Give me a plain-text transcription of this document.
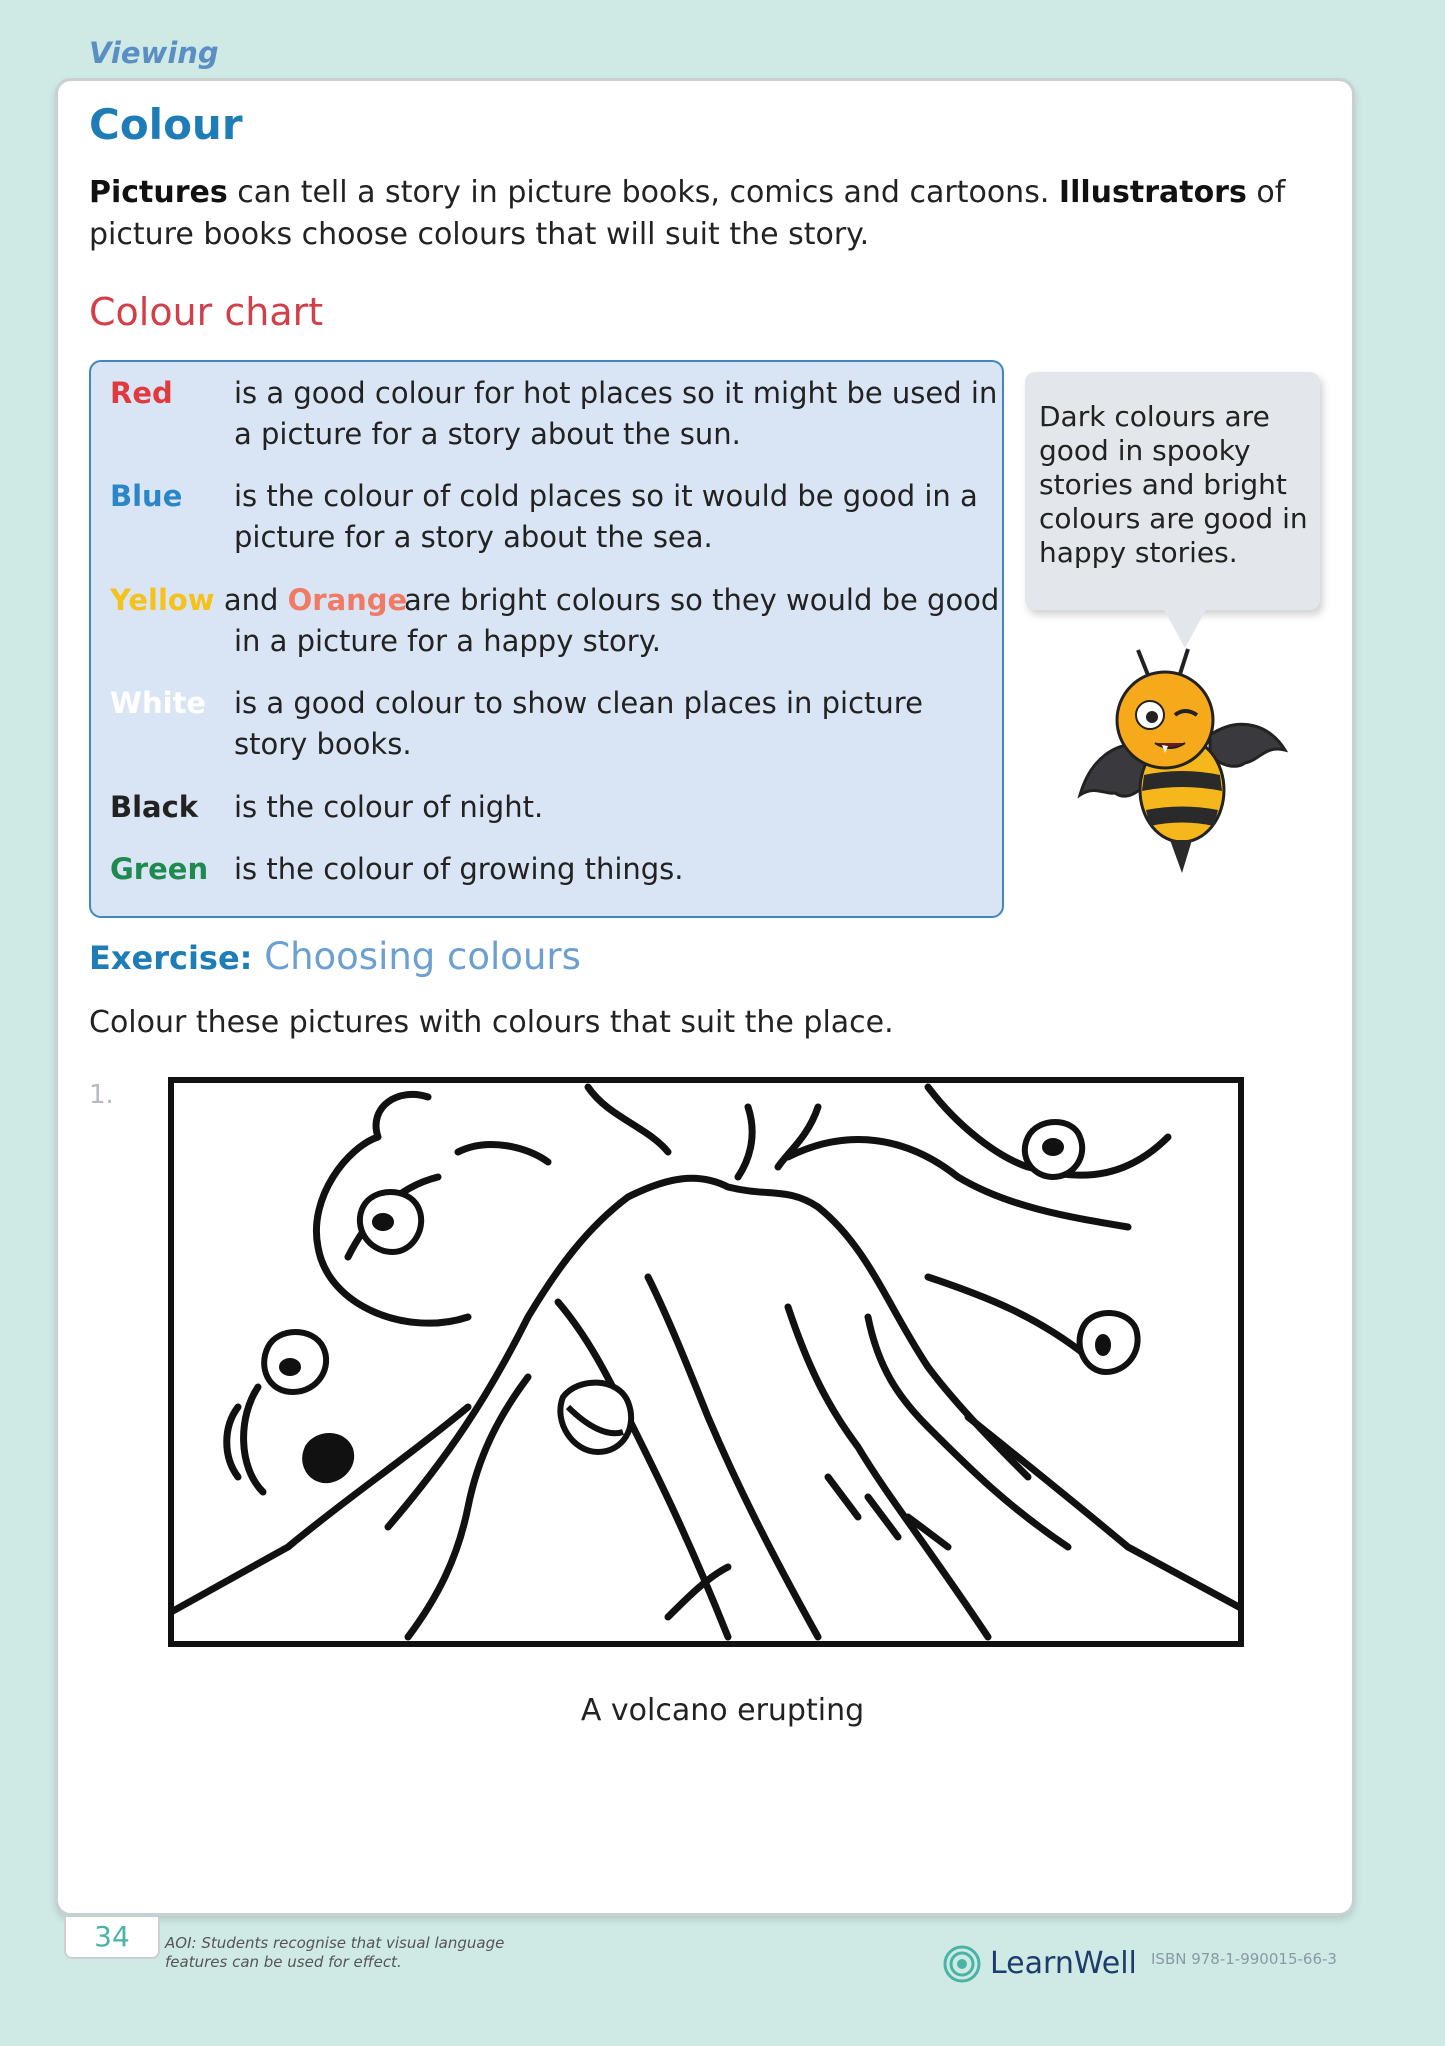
Viewing
Colour
Pictures can tell a story in picture books, comics and cartoons. Illustrators of picture books choose colours that will suit the story.
Colour chart
Red is a good colour for hot places so it might be used in a picture for a story about the sun.
Blue is the colour of cold places so it would be good in a picture for a story about the sea.
Yellow and Orange
are bright colours so they would be good in a picture for a happy story.
White is a good colour to show clean places in picture story books.
Black is the colour of night.
Green is the colour of growing things.
Dark colours are good in spooky stories and bright colours are good in happy stories.
Exercise: Choosing colours
Colour these pictures with colours that suit the place.
1.
A volcano erupting
34	AOI: Students recognise that visual language features can be used for effect.	LearnWell ISBN 978-1-990015-66-3
